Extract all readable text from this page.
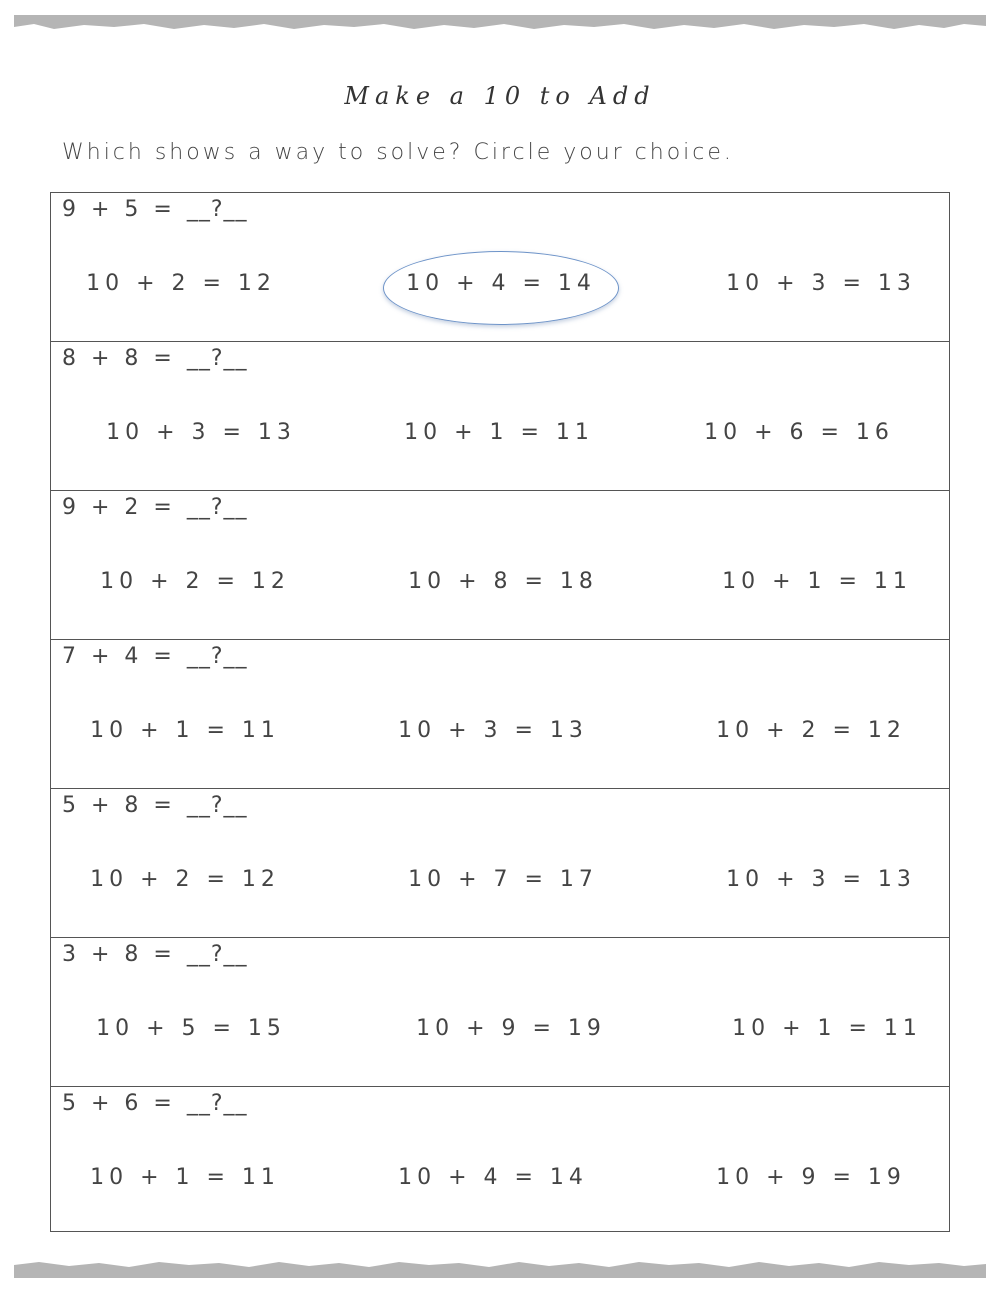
Make a 10 to Add
Which shows a way to solve? Circle your choice.
9 + 5 = __?__
10 + 2 = 12	10 + 4 = 14	10 + 3 = 13
8 + 8 = __?__
10 + 3 = 13	10 + 1 = 11	10 + 6 = 16
9 + 2 = __?__
10 + 2 = 12	10 + 8 = 18	10 + 1 = 11
7 + 4 = __?__
10 + 1 = 11	10 + 3 = 13	10 + 2 = 12
5 + 8 = __?__
10 + 2 = 12	10 + 7 = 17	10 + 3 = 13
3 + 8 = __?__
10 + 5 = 15	10 + 9 = 19	10 + 1 = 11
5 + 6 = __?__
10 + 1 = 11	10 + 4 = 14	10 + 9 = 19
